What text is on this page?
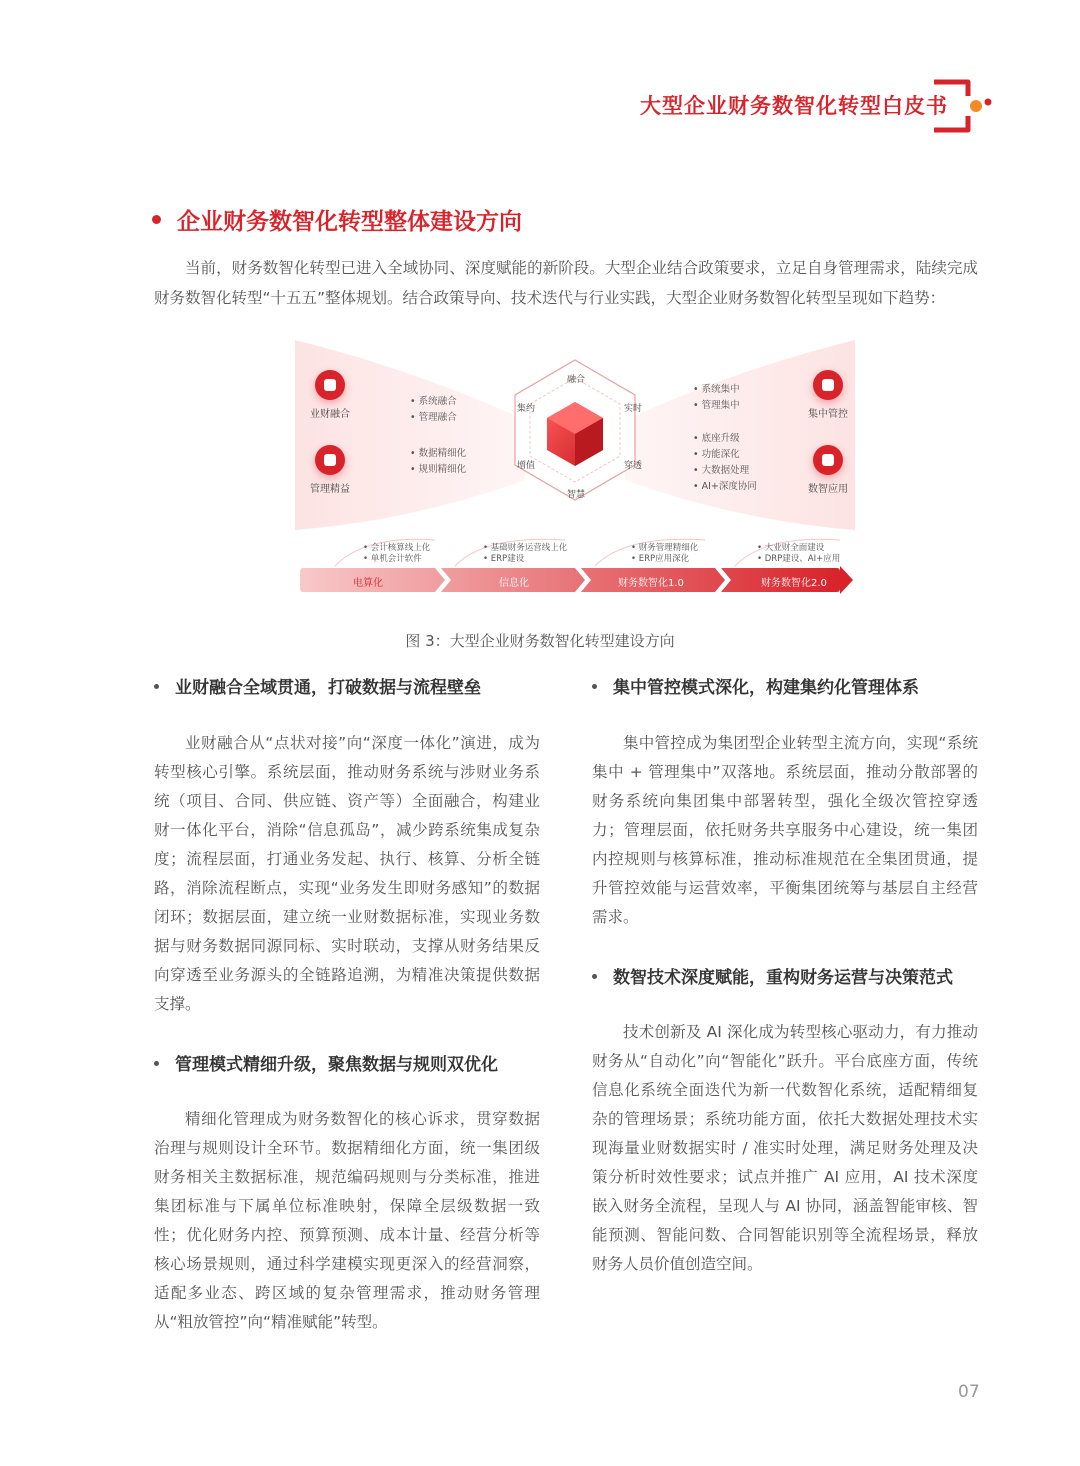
大型企业财务数智化转型白皮书
企业财务数智化转型整体建设方向

当前，财务数智化转型已进入全域协同、深度赋能的新阶段。大型企业结合政策要求，立足自身管理需求，陆续完成财务数智化转型“十五五”整体规划。结合政策导向、技术迭代与行业实践，大型企业财务数智化转型呈现如下趋势：

业财融合
管理精益
• 系统融合
• 管理融合
• 数据精细化
• 规则精细化
集中管控
数智应用
• 系统集中
• 管理集中
• 底座升级
• 功能深化
• 大数据处理
• AI+深度协同
融合
实时
穿透
智慧
增值
集约
• 会计核算线上化
• 单机会计软件
• 基础财务运营线上化
• ERP建设
• 财务管理精细化
• ERP应用深化
• 大业财全面建设
• DRP建设、AI+应用
电算化	信息化	财务数智化1.0	财务数智化2.0
图 3：大型企业财务数智化转型建设方向
业财融合全域贯通，打破数据与流程壁垒

业财融合从“点状对接”向“深度一体化”演进，成为转型核心引擎。系统层面，推动财务系统与涉财业务系统（项目、合同、供应链、资产等）全面融合，构建业财一体化平台，消除“信息孤岛”，减少跨系统集成复杂度；流程层面，打通业务发起、执行、核算、分析全链路，消除流程断点，实现“业务发生即财务感知”的数据闭环；数据层面，建立统一业财数据标准，实现业务数据与财务数据同源同标、实时联动，支撑从财务结果反向穿透至业务源头的全链路追溯，为精准决策提供数据支撑。

管理模式精细升级，聚焦数据与规则双优化

精细化管理成为财务数智化的核心诉求，贯穿数据治理与规则设计全环节。数据精细化方面，统一集团级财务相关主数据标准，规范编码规则与分类标准，推进集团标准与下属单位标准映射，保障全层级数据一致性；优化财务内控、预算预测、成本计量、经营分析等核心场景规则，通过科学建模实现更深入的经营洞察，适配多业态、跨区域的复杂管理需求，推动财务管理从“粗放管控”向“精准赋能”转型。

集中管控模式深化，构建集约化管理体系

集中管控成为集团型企业转型主流方向，实现“系统集中 + 管理集中”双落地。系统层面，推动分散部署的财务系统向集团集中部署转型，强化全级次管控穿透力；管理层面，依托财务共享服务中心建设，统一集团内控规则与核算标准，推动标准规范在全集团贯通，提升管控效能与运营效率，平衡集团统筹与基层自主经营需求。

数智技术深度赋能，重构财务运营与决策范式

技术创新及 AI 深化成为转型核心驱动力，有力推动财务从“自动化”向“智能化”跃升。平台底座方面，传统信息化系统全面迭代为新一代数智化系统，适配精细复杂的管理场景；系统功能方面，依托大数据处理技术实现海量业财数据实时 / 准实时处理，满足财务处理及决策分析时效性要求；试点并推广 AI 应用，AI 技术深度嵌入财务全流程，呈现人与 AI 协同，涵盖智能审核、智能预测、智能问数、合同智能识别等全流程场景，释放财务人员价值创造空间。

07
